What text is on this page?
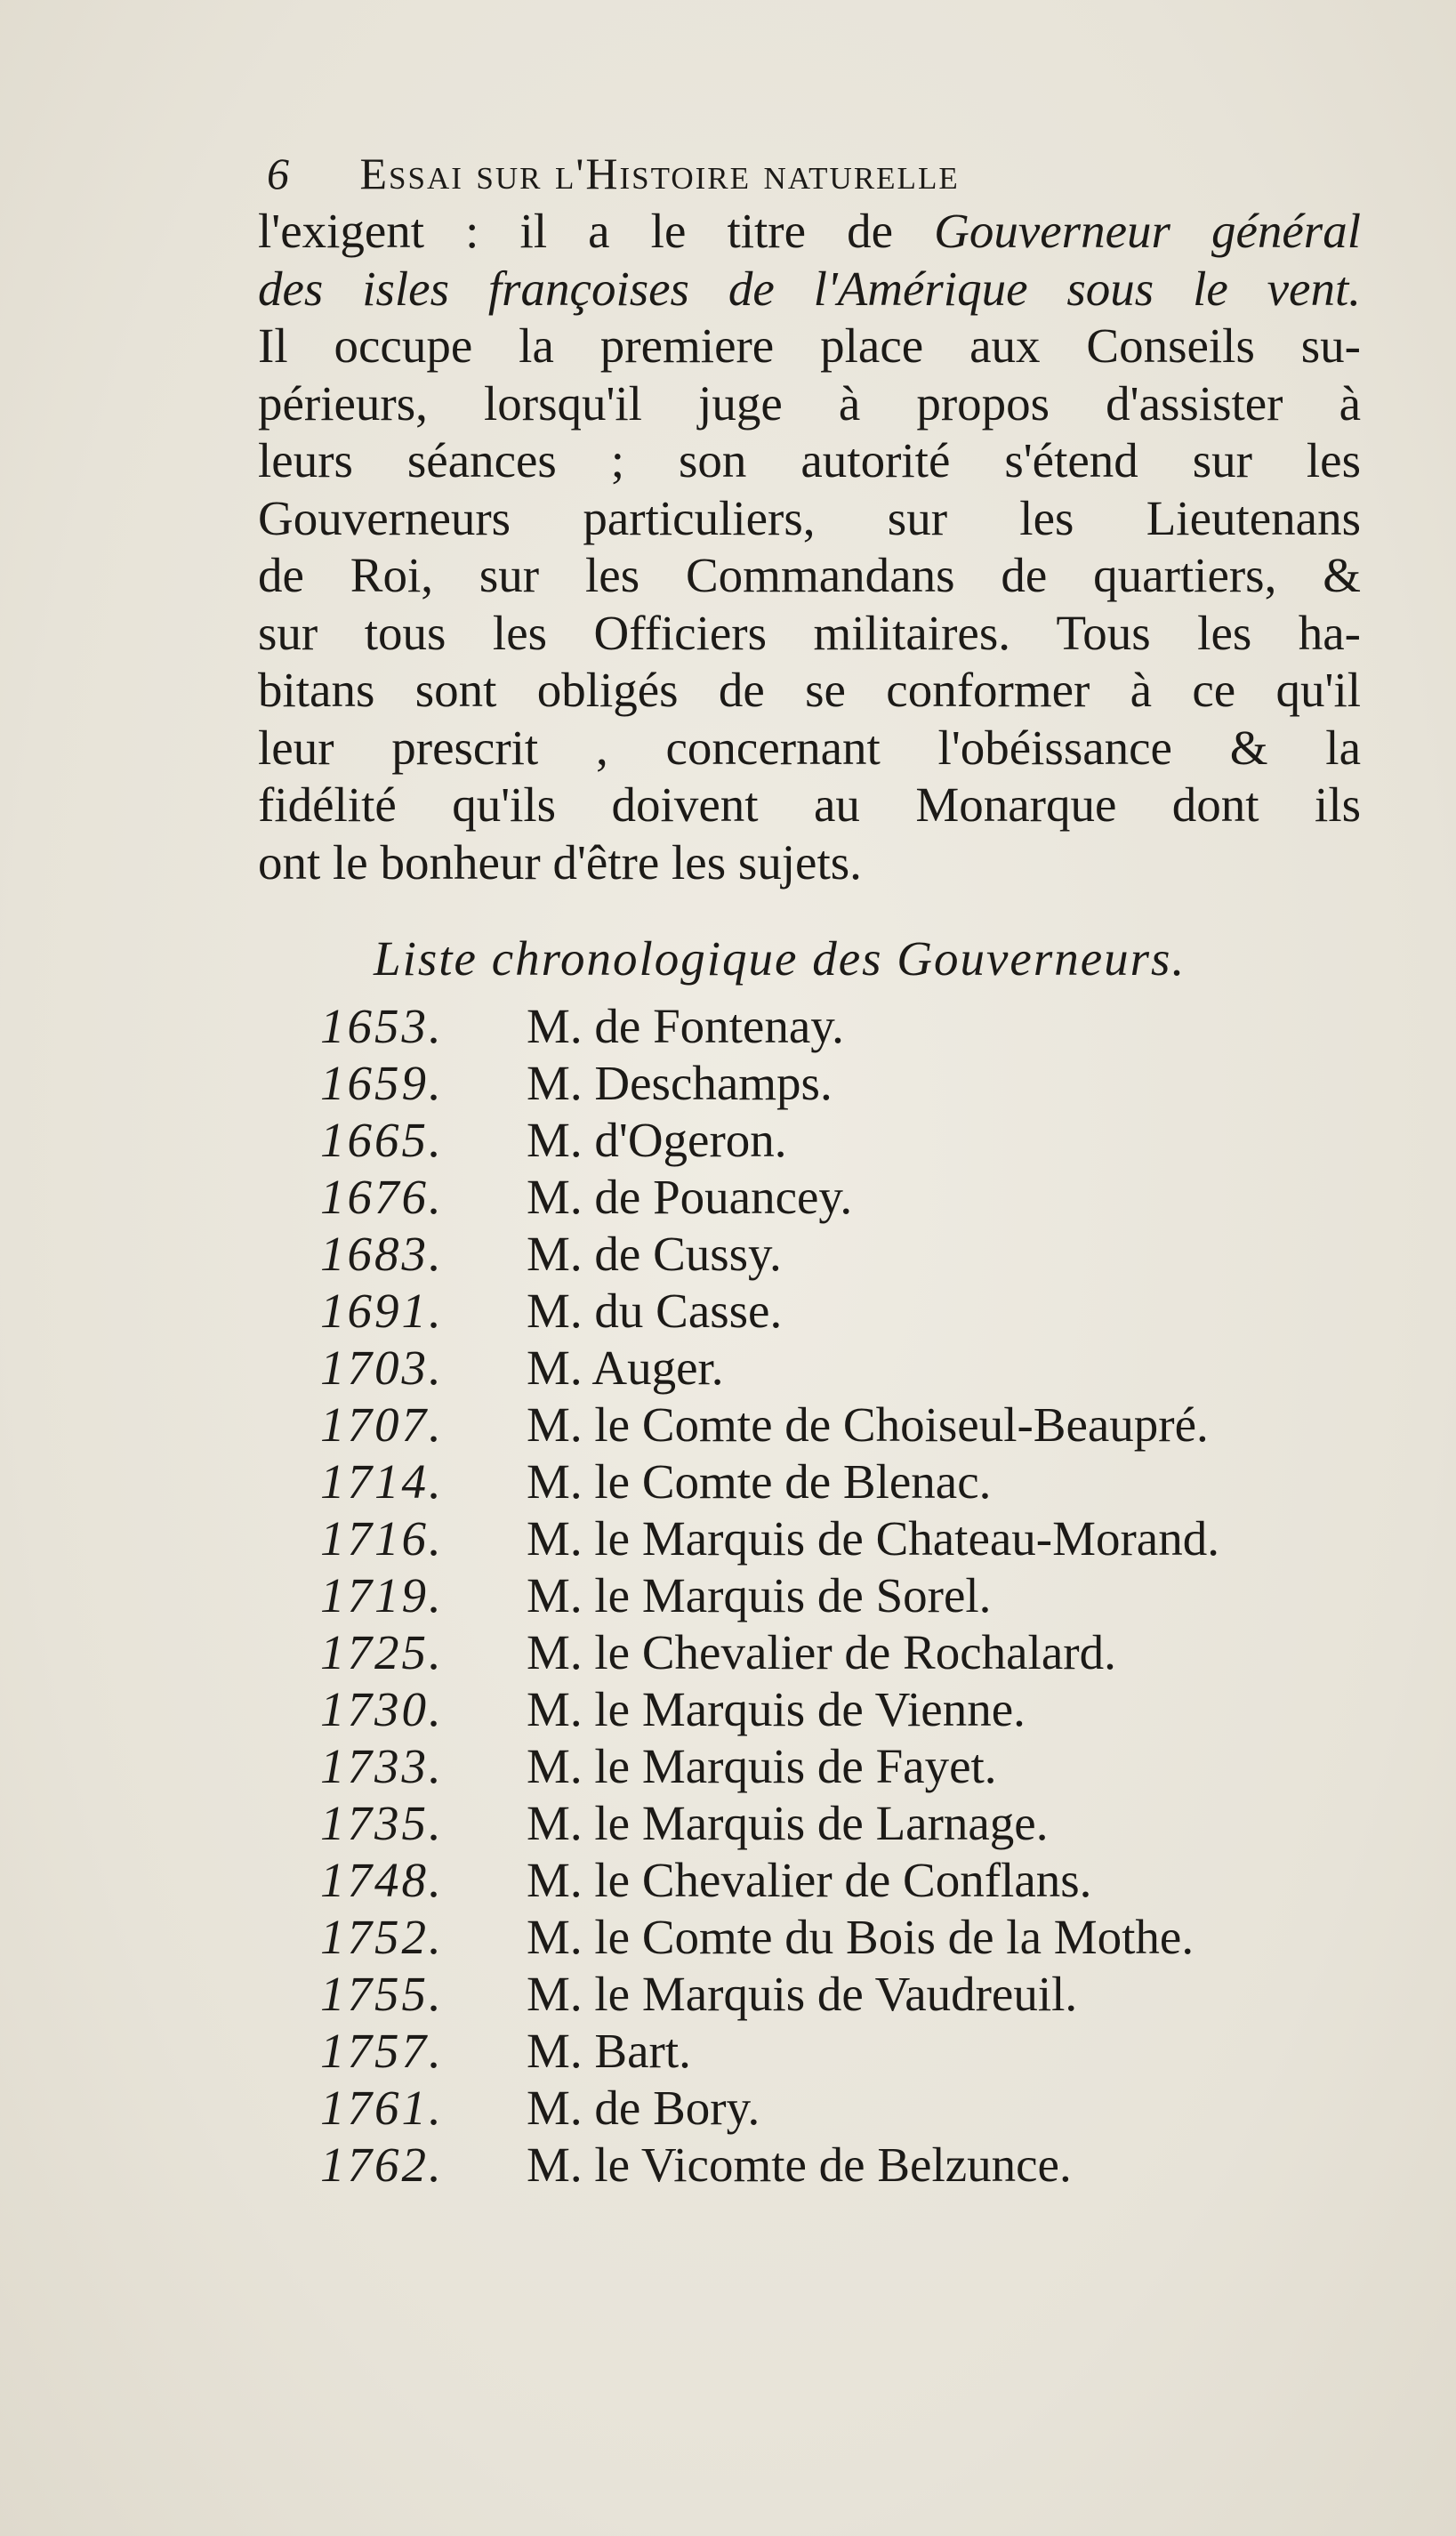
6 Essai sur l'Histoire naturelle
l'exigent : il a le titre de Gouverneur général
des isles françoises de l'Amérique sous le vent.
Il occupe la premiere place aux Conseils su-
périeurs, lorsqu'il juge à propos d'assister à
leurs séances ; son autorité s'étend sur les
Gouverneurs particuliers, sur les Lieutenans
de Roi, sur les Commandans de quartiers, &
sur tous les Officiers militaires. Tous les ha-
bitans sont obligés de se conformer à ce qu'il
leur prescrit , concernant l'obéissance & la
fidélité qu'ils doivent au Monarque dont ils
ont le bonheur d'être les sujets.
Liste chronologique des Gouverneurs.
1653.	M. de Fontenay.
1659.	M. Deschamps.
1665.	M. d'Ogeron.
1676.	M. de Pouancey.
1683.	M. de Cussy.
1691.	M. du Casse.
1703.	M. Auger.
1707.	M. le Comte de Choiseul-Beaupré.
1714.	M. le Comte de Blenac.
1716.	M. le Marquis de Chateau-Morand.
1719.	M. le Marquis de Sorel.
1725.	M. le Chevalier de Rochalard.
1730.	M. le Marquis de Vienne.
1733.	M. le Marquis de Fayet.
1735.	M. le Marquis de Larnage.
1748.	M. le Chevalier de Conflans.
1752.	M. le Comte du Bois de la Mothe.
1755.	M. le Marquis de Vaudreuil.
1757.	M. Bart.
1761.	M. de Bory.
1762.	M. le Vicomte de Belzunce.
